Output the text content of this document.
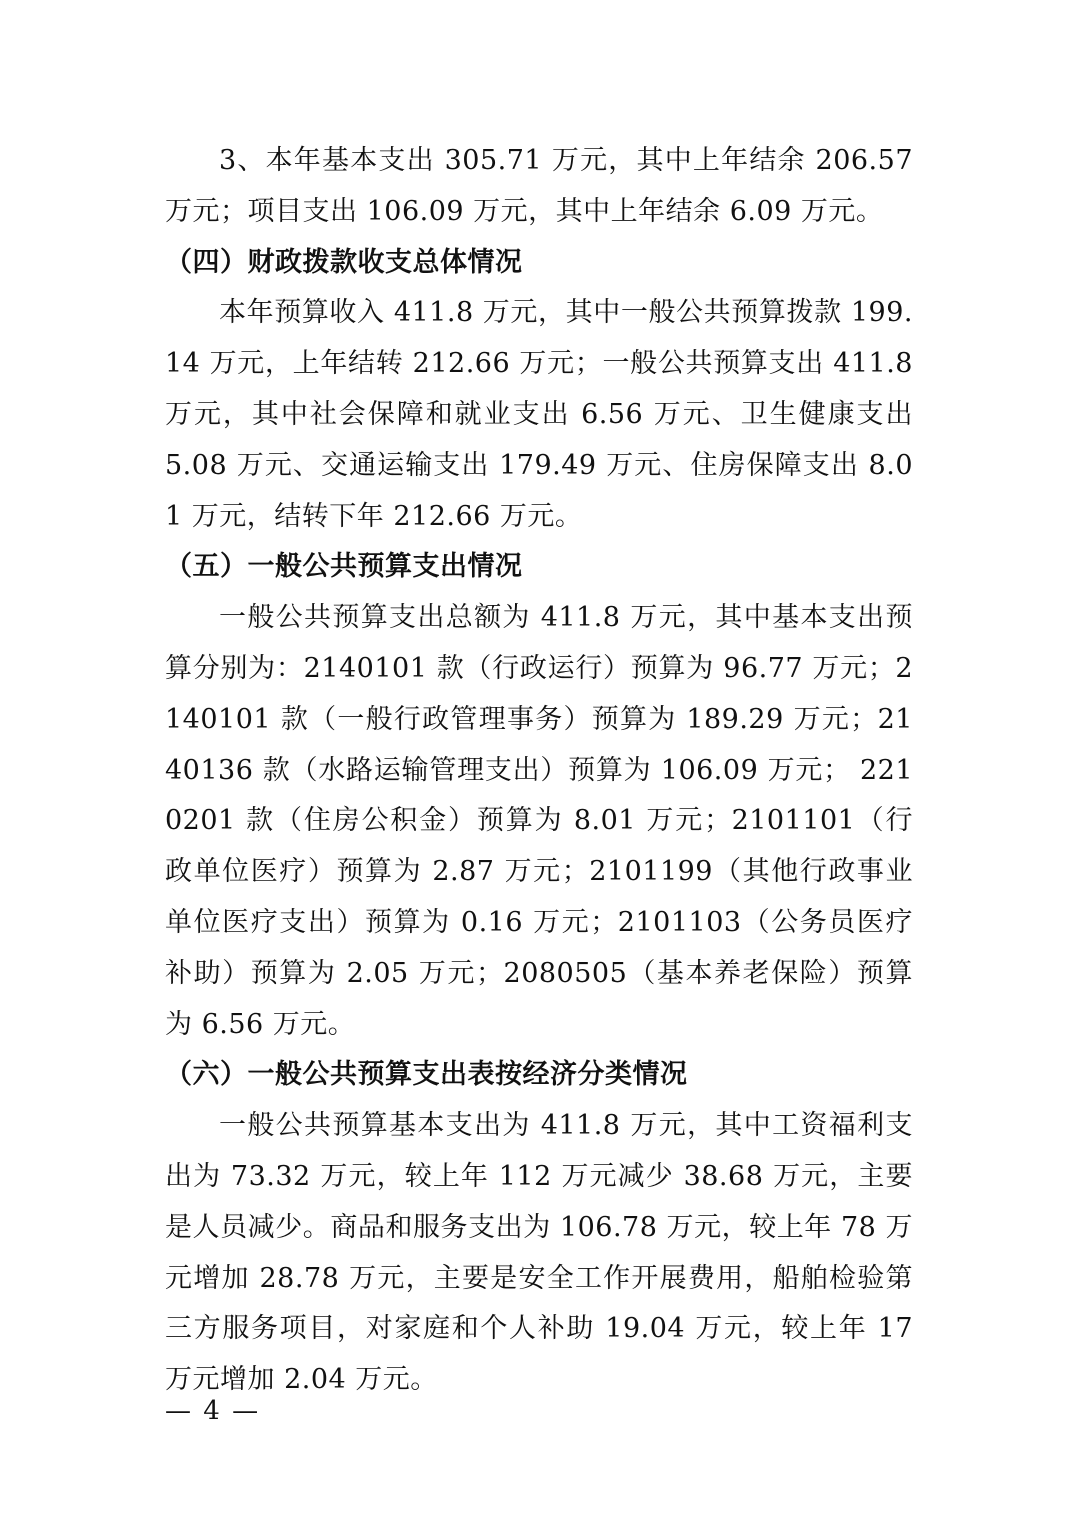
3、本年基本支出 305.71 万元，其中上年结余 206.57 万元；项目支出 106.09 万元，其中上年结余 6.09 万元。

（四）财政拨款收支总体情况

本年预算收入 411.8 万元，其中一般公共预算拨款 199.14 万元，上年结转 212.66 万元；一般公共预算支出 411.8 万元，其中社会保障和就业支出 6.56 万元、卫生健康支出 5.08 万元、交通运输支出 179.49 万元、住房保障支出 8.01 万元，结转下年 212.66 万元。

（五）一般公共预算支出情况

一般公共预算支出总额为 411.8 万元，其中基本支出预算分别为：2140101 款（行政运行）预算为 96.77 万元；2140101 款（一般行政管理事务）预算为 189.29 万元；2140136 款（水路运输管理支出）预算为 106.09 万元； 2210201 款（住房公积金）预算为 8.01 万元；2101101（行政单位医疗）预算为 2.87 万元；2101199（其他行政事业单位医疗支出）预算为 0.16 万元；2101103（公务员医疗补助）预算为 2.05 万元；2080505（基本养老保险）预算为 6.56 万元。

（六）一般公共预算支出表按经济分类情况

一般公共预算基本支出为 411.8 万元，其中工资福利支出为 73.32 万元，较上年 112 万元减少 38.68 万元，主要是人员减少。商品和服务支出为 106.78 万元，较上年 78 万元增加 28.78 万元，主要是安全工作开展费用，船舶检验第三方服务项目，对家庭和个人补助 19.04 万元，较上年 17 万元增加 2.04 万元。

— 4 —
